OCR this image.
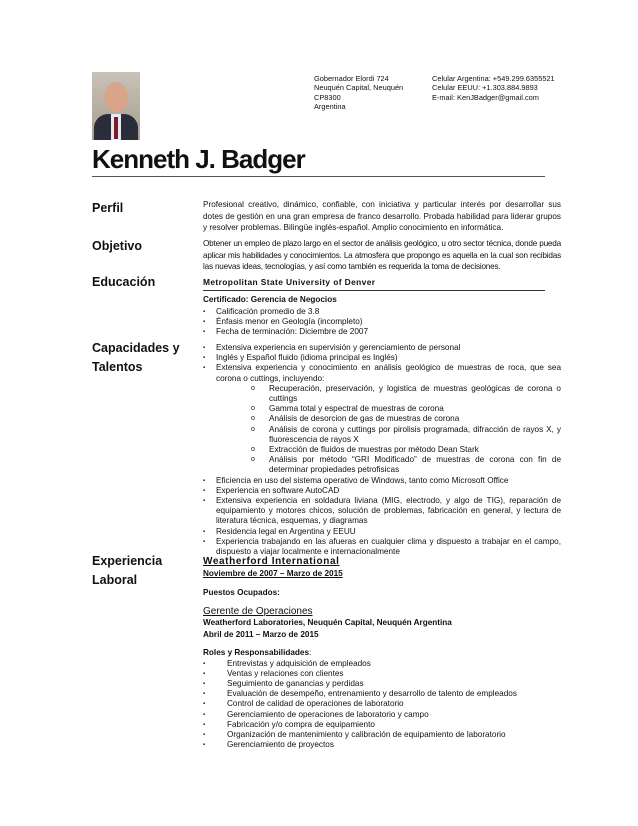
Gobernador Elordi 724
Neuquén Capital, Neuquén
CP8300
Argentina
Celular Argentina: +549.299.6355521
Celular EEUU: +1.303.884.9893
E-mail: KenJBadger@gmail.com
Kenneth J. Badger
Perfil	Profesional creativo, dinámico, confiable, con iniciativa y particular interés por desarrollar sus dotes de gestión en una gran empresa de franco desarrollo. Probada habilidad para liderar grupos y resolver problemas. Bilingüe inglés-español. Amplio conocimiento en informática.
Objetivo	Obtener un empleo de plazo largo en el sector de análisis geológico, u otro sector técnica, donde pueda aplicar mis habilidades y conocimientos. La atmosfera que propongo es aquella en la cual son recibidas las nuevas ideas, tecnologías, y así como también es requerida la toma de decisiones.
Educación	Metropolitan State University of Denver
Certificado: Gerencia de Negocios
▪ Calificación promedio de 3.8
▪ Énfasis menor en Geología (incompleto)
▪ Fecha de terminación: Diciembre de 2007
Capacidades y
Talentos
▪ Extensiva experiencia en supervisión y gerenciamiento de personal
▪ Inglés y Español fluido (idioma principal es Inglés)
▪ Extensiva experiencia y conocimiento en análisis geológico de muestras de roca, que sea corona o cuttings, incluyendo:
o Recuperación, preservación, y logistica de muestras geológicas de corona o cuttings
o Gamma total y espectral de muestras de corona
o Análisis de desorcion de gas de muestras de corona
o Análisis de corona y cuttings por pirolisis programada, difracción de rayos X, y fluorescencia de rayos X
o Extracción de fluidos de muestras por método Dean Stark
o Análisis por método “GRI Modificado” de muestras de corona con fin de determinar propiedades petrofisicas
▪ Eficiencia en uso del sistema operativo de Windows, tanto como Microsoft Office
▪ Experiencia en software AutoCAD
▪ Extensiva experiencia en soldadura liviana (MIG, electrodo, y algo de TIG), reparación de equipamiento y motores chicos, solución de problemas, fabricación en general, y lectura de literatura técnica, esquemas, y diagramas
▪ Residencia legal en Argentina y EEUU
▪ Experiencia trabajando en las afueras en cualquier clima y dispuesto a trabajar en el campo, dispuesto a viajar localmente e internacionalmente
Experiencia
Laboral
Weatherford International
Noviembre de 2007 – Marzo de 2015
Puestos Ocupados:
Gerente de Operaciones
Weatherford Laboratories, Neuquén Capital, Neuquén Argentina
Abril de 2011 – Marzo de 2015
Roles y Responsabilidades:
▪ Entrevistas y adquisición de empleados
▪ Ventas y relaciones con clientes
▪ Seguimiento de ganancias y perdidas
▪ Evaluación de desempeño, entrenamiento y desarrollo de talento de empleados
▪ Control de calidad de operaciones de laboratorio
▪ Gerenciamiento de operaciones de laboratorio y campo
▪ Fabricación y/o compra de equipamiento
▪ Organización de mantenimiento y calibración de equipamiento de laboratorio
▪ Gerenciamiento de proyectos
